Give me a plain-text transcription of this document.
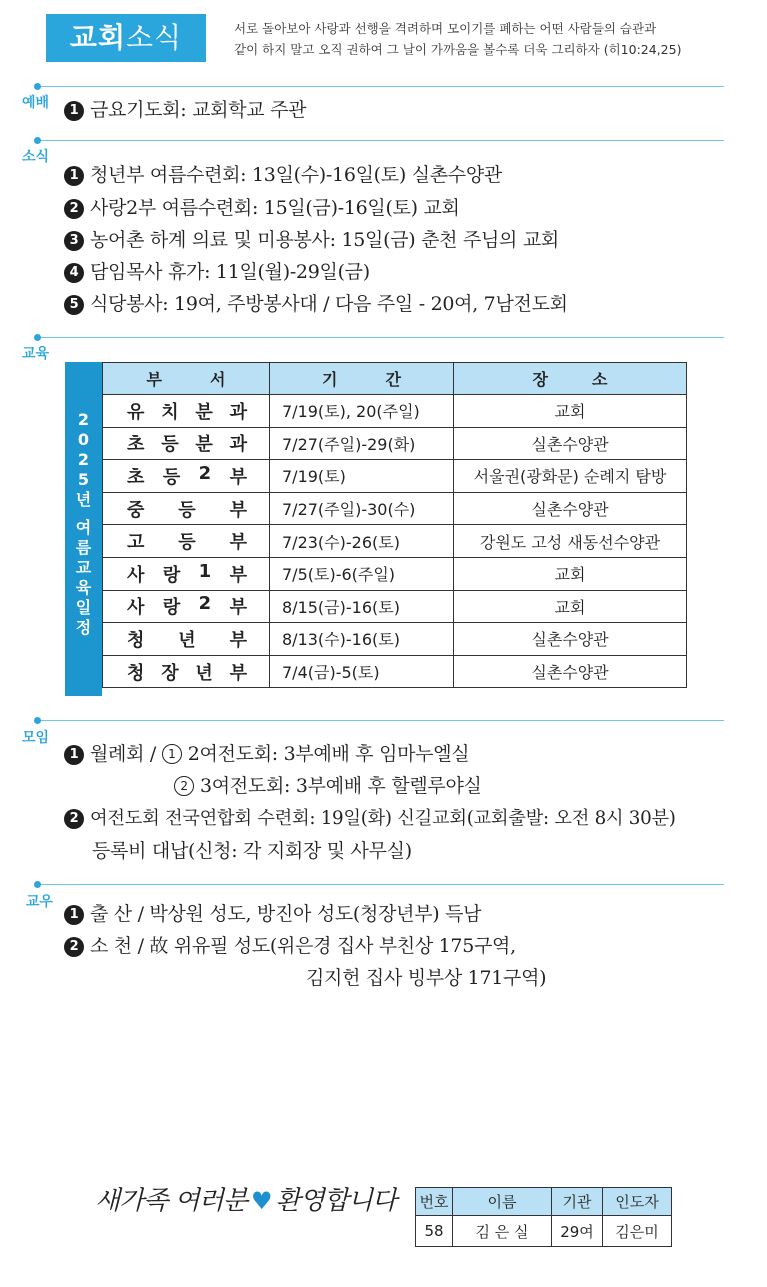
교회소식	서로 돌아보아 사랑과 선행을 격려하며 모이기를 폐하는 어떤 사람들의 습관과
같이 하지 말고 오직 권하여 그 날이 가까움을 볼수록 더욱 그리하자 (히10:24,25)
예배	1 금요기도회: 교회학교 주관
소식
1 청년부 여름수련회: 13일(수)-16일(토) 실촌수양관
2 사랑2부 여름수련회: 15일(금)-16일(토) 교회
3 농어촌 하계 의료 및 미용봉사: 15일(금) 춘천 주님의 교회
4 담임목사 휴가: 11일(월)-29일(금)
5 식당봉사: 19여, 주방봉사대 / 다음 주일 - 20여, 7남전도회
교육
2
0
2
5
년
여
름
교
육
일
정
부 서	기 간	장 소

유 치 분 과	7/19(토), 20(주일)	교회

초 등 분 과	7/27(주일)-29(화)	실촌수양관

초 등 2 부	7/19(토)	서울권(광화문) 순례지 탐방

중 등 부	7/27(주일)-30(수)	실촌수양관

고 등 부	7/23(수)-26(토)	강원도 고성 새동선수양관

사 랑 1 부	7/5(토)-6(주일)	교회

사 랑 2 부	8/15(금)-16(토)	교회

청 년 부	8/13(수)-16(토)	실촌수양관

청 장 년 부	7/4(금)-5(토)	실촌수양관
모임
1 월례회 / 1 2여전도회: 3부예배 후 임마누엘실
2 3여전도회: 3부예배 후 할렐루야실
2 여전도회 전국연합회 수련회: 19일(화) 신길교회(교회출발: 오전 8시 30분)
등록비 대납(신청: 각 지회장 및 사무실)
교우
1 출 산 / 박상원 성도, 방진아 성도(청장년부) 득남
2 소 천 / 故 위유필 성도(위은경 집사 부친상 175구역,
김지헌 집사 빙부상 171구역)
새가족 여러분 ♥ 환영합니다 번호	이름	기관	인도자
58	김 은 실	29여	김은미
